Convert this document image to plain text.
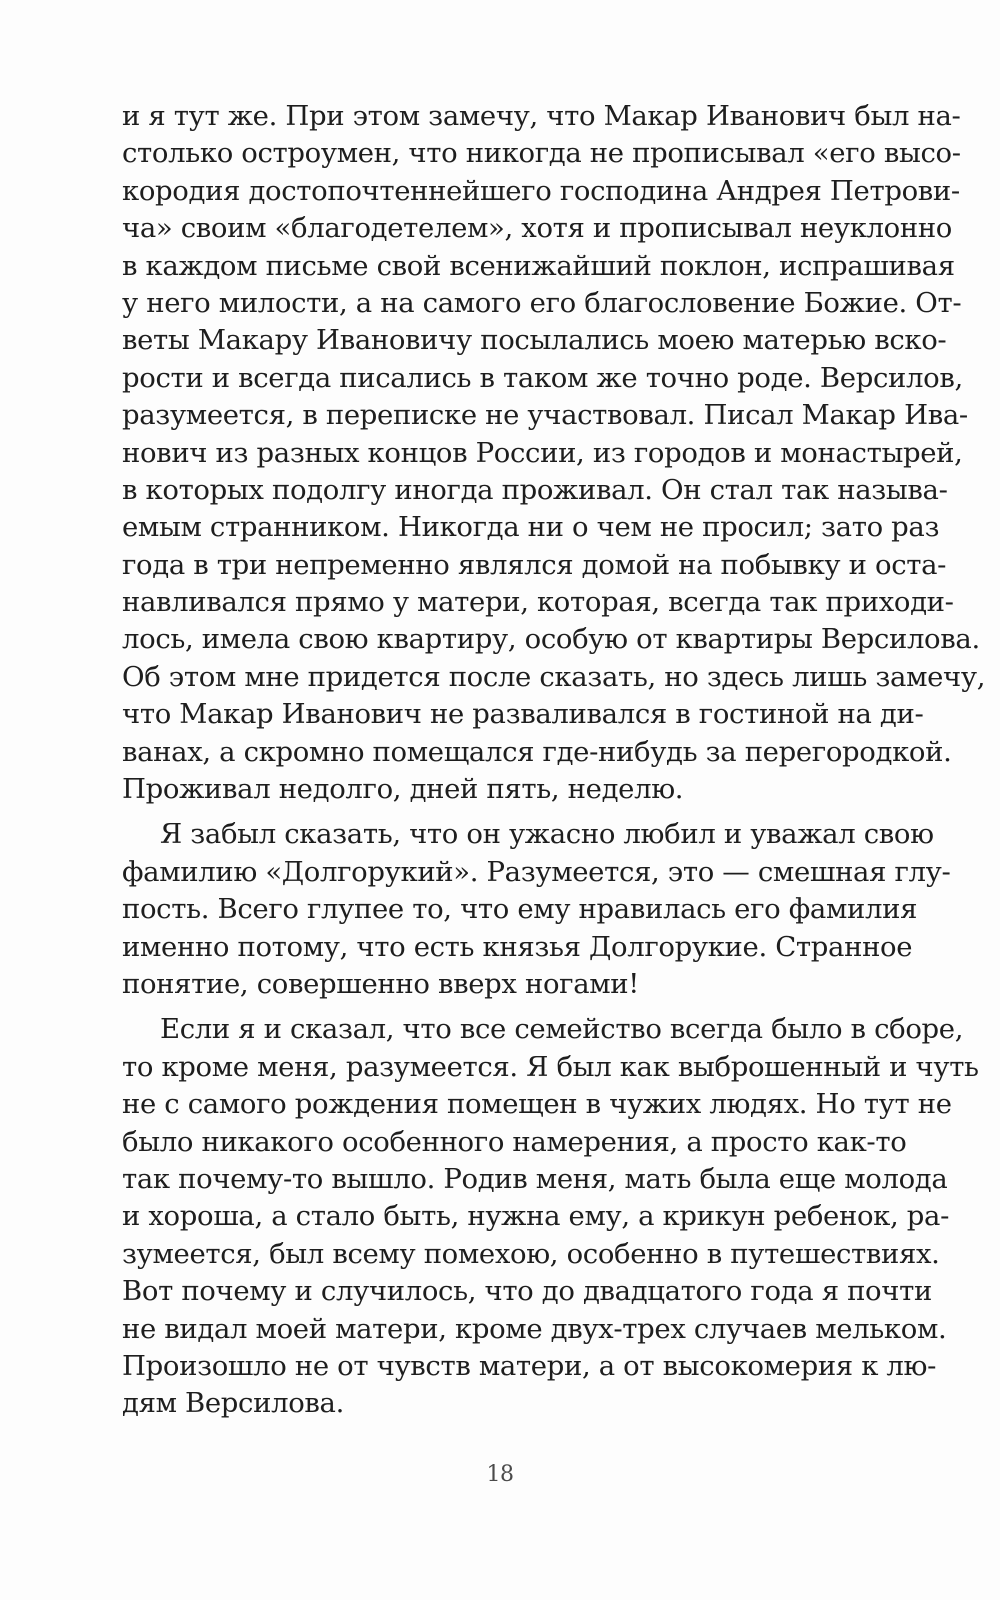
и я тут же. При этом замечу, что Макар Иванович был на-
столько остроумен, что никогда не прописывал «его высо-
кородия достопочтеннейшего господина Андрея Петрови-
ча» своим «благодетелем», хотя и прописывал неуклонно
в каждом письме свой всенижайший поклон, испрашивая
у него милости, а на самого его благословение Божие. От-
веты Макару Ивановичу посылались моею матерью вско-
рости и всегда писались в таком же точно роде. Версилов,
разумеется, в переписке не участвовал. Писал Макар Ива-
нович из разных концов России, из городов и монастырей,
в которых подолгу иногда проживал. Он стал так называ-
емым странником. Никогда ни о чем не просил; зато раз
года в три непременно являлся домой на побывку и оста-
навливался прямо у матери, которая, всегда так приходи-
лось, имела свою квартиру, особую от квартиры Версилова.
Об этом мне придется после сказать, но здесь лишь замечу,
что Макар Иванович не разваливался в гостиной на ди-
ванах, а скромно помещался где-нибудь за перегородкой.
Проживал недолго, дней пять, неделю.
Я забыл сказать, что он ужасно любил и уважал свою
фамилию «Долгорукий». Разумеется, это — смешная глу-
пость. Всего глупее то, что ему нравилась его фамилия
именно потому, что есть князья Долгорукие. Странное
понятие, совершенно вверх ногами!
Если я и сказал, что все семейство всегда было в сборе,
то кроме меня, разумеется. Я был как выброшенный и чуть
не с самого рождения помещен в чужих людях. Но тут не
было никакого особенного намерения, а просто как-то
так почему-то вышло. Родив меня, мать была еще молода
и хороша, а стало быть, нужна ему, а крикун ребенок, ра-
зумеется, был всему помехою, особенно в путешествиях.
Вот почему и случилось, что до двадцатого года я почти
не видал моей матери, кроме двух-трех случаев мельком.
Произошло не от чувств матери, а от высокомерия к лю-
дям Версилова.
18
